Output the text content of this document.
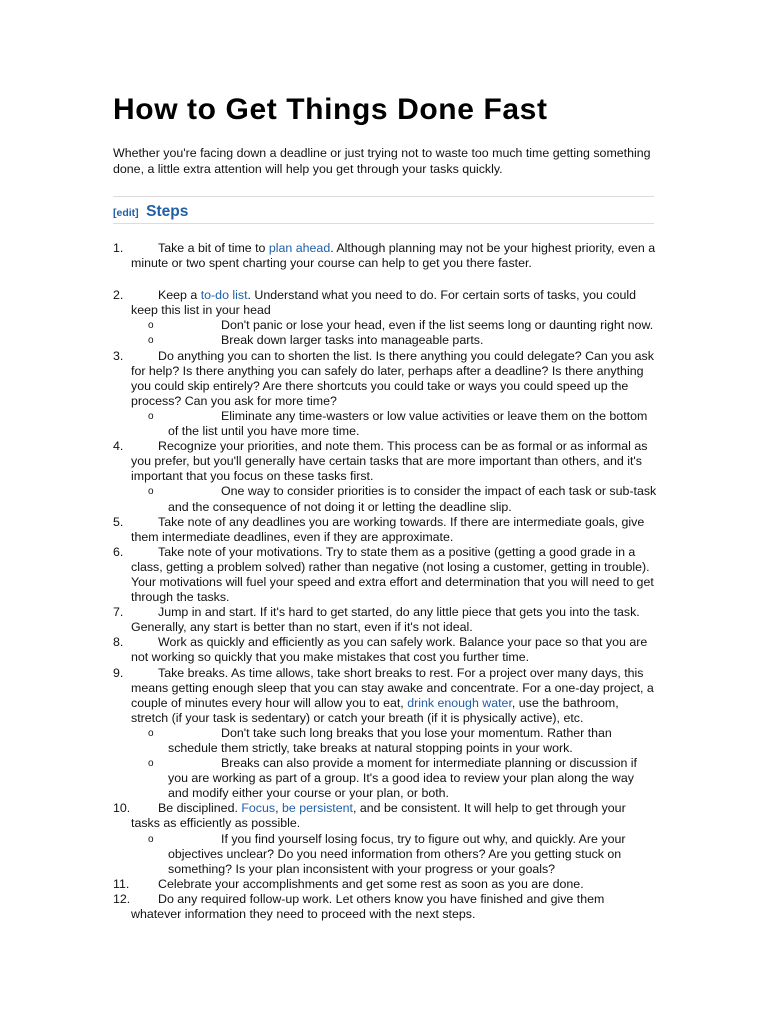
How to Get Things Done Fast

Whether you're facing down a deadline or just trying not to waste too much time getting something done, a little extra attention will help you get through your tasks quickly.

[edit] Steps
1.	Take a bit of time to plan ahead. Although planning may not be your highest priority, even a minute or two spent charting your course can help to get you there faster.
2.	Keep a to-do list. Understand what you need to do. For certain sorts of tasks, you could keep this list in your head
o	Don't panic or lose your head, even if the list seems long or daunting right now.
o	Break down larger tasks into manageable parts.
3.	Do anything you can to shorten the list. Is there anything you could delegate? Can you ask for help? Is there anything you can safely do later, perhaps after a deadline? Is there anything you could skip entirely? Are there shortcuts you could take or ways you could speed up the process? Can you ask for more time?
o	Eliminate any time-wasters or low value activities or leave them on the bottom of the list until you have more time.
4.	Recognize your priorities, and note them. This process can be as formal or as informal as you prefer, but you'll generally have certain tasks that are more important than others, and it's important that you focus on these tasks first.
o	One way to consider priorities is to consider the impact of each task or sub-task and the consequence of not doing it or letting the deadline slip.
5.	Take note of any deadlines you are working towards. If there are intermediate goals, give them intermediate deadlines, even if they are approximate.
6.	Take note of your motivations. Try to state them as a positive (getting a good grade in a class, getting a problem solved) rather than negative (not losing a customer, getting in trouble). Your motivations will fuel your speed and extra effort and determination that you will need to get through the tasks.
7.	Jump in and start. If it's hard to get started, do any little piece that gets you into the task. Generally, any start is better than no start, even if it's not ideal.
8.	Work as quickly and efficiently as you can safely work. Balance your pace so that you are not working so quickly that you make mistakes that cost you further time.
9.	Take breaks. As time allows, take short breaks to rest. For a project over many days, this means getting enough sleep that you can stay awake and concentrate. For a one-day project, a couple of minutes every hour will allow you to eat, drink enough water, use the bathroom, stretch (if your task is sedentary) or catch your breath (if it is physically active), etc.
o	Don't take such long breaks that you lose your momentum. Rather than schedule them strictly, take breaks at natural stopping points in your work.
o	Breaks can also provide a moment for intermediate planning or discussion if you are working as part of a group. It's a good idea to review your plan along the way and modify either your course or your plan, or both.
10.	Be disciplined. Focus, be persistent, and be consistent. It will help to get through your tasks as efficiently as possible.
o	If you find yourself losing focus, try to figure out why, and quickly. Are your objectives unclear? Do you need information from others? Are you getting stuck on something? Is your plan inconsistent with your progress or your goals?
11.	Celebrate your accomplishments and get some rest as soon as you are done.
12.	Do any required follow-up work. Let others know you have finished and give them whatever information they need to proceed with the next steps.
